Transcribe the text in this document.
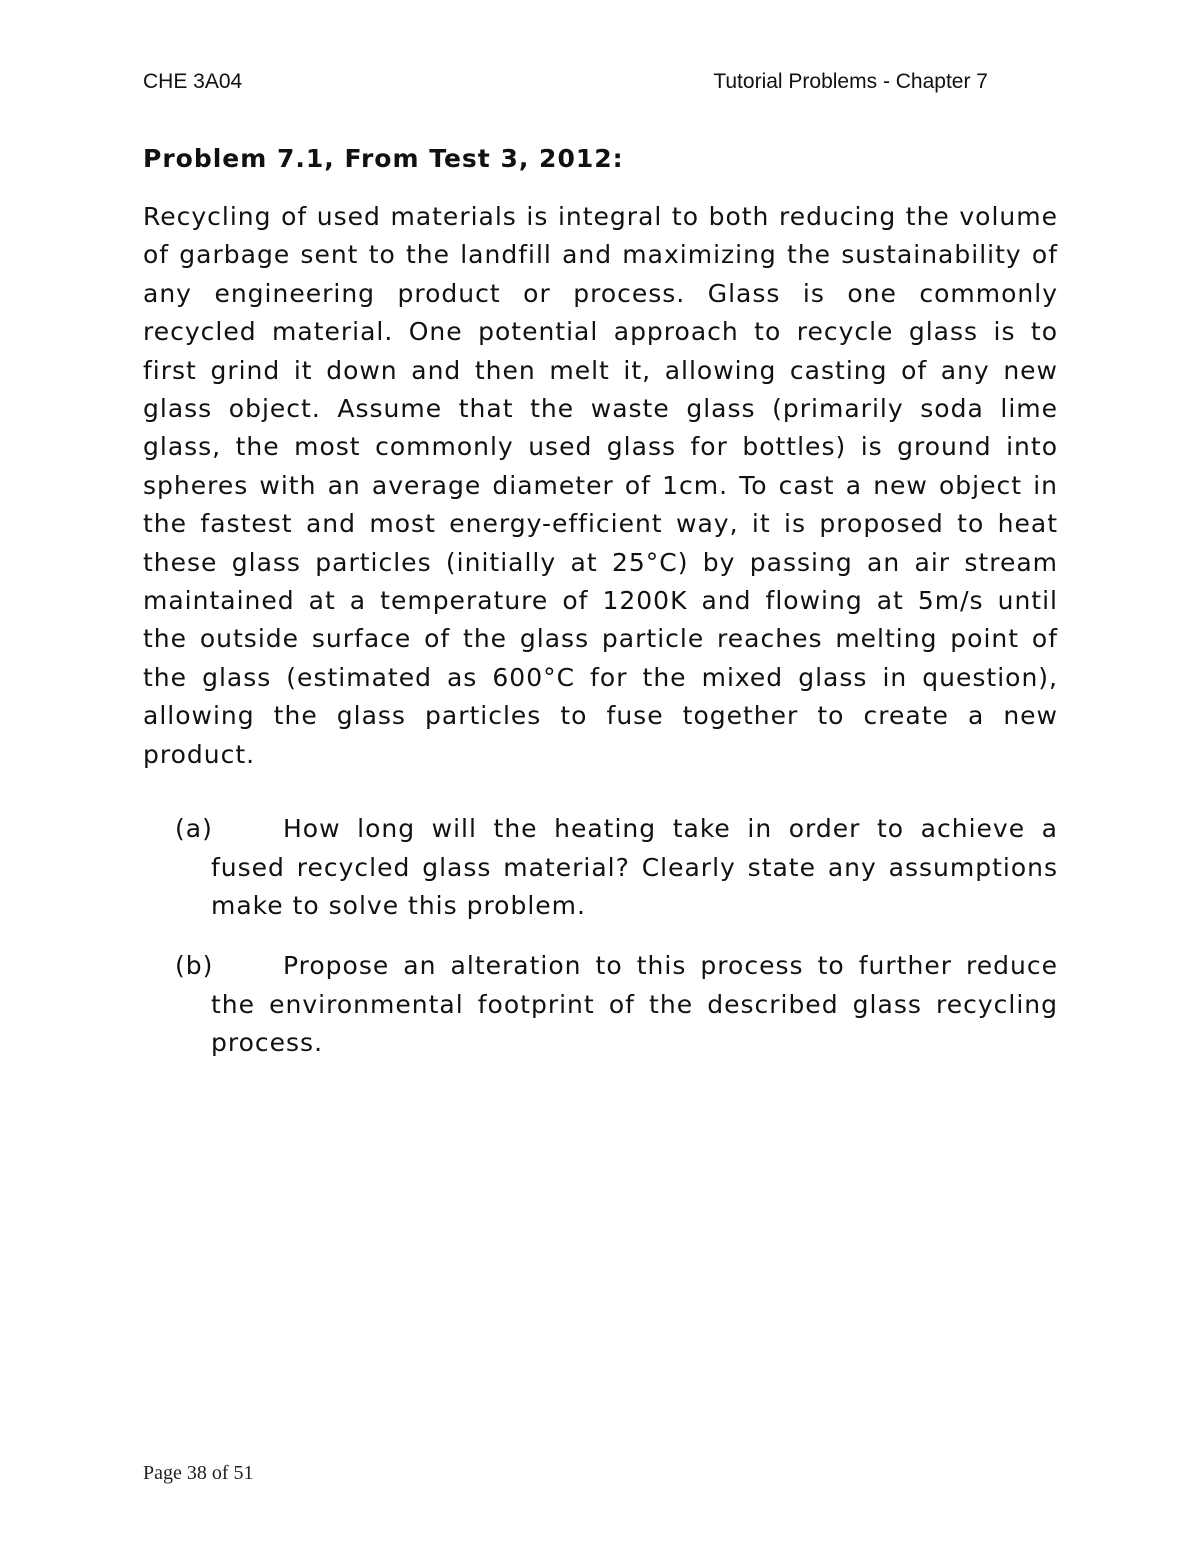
CHE 3A04	Tutorial Problems - Chapter 7

Problem 7.1, From Test 3, 2012:

Recycling of used materials is integral to both reducing the volume of garbage sent to the landfill and maximizing the sustainability of any engineering product or process. Glass is one commonly recycled material. One potential approach to recycle glass is to first grind it down and then melt it, allowing casting of any new glass object. Assume that the waste glass (primarily soda lime glass, the most commonly used glass for bottles) is ground into spheres with an average diameter of 1cm. To cast a new object in the fastest and most energy-efficient way, it is proposed to heat these glass particles (initially at 25°C) by passing an air stream maintained at a temperature of 1200K and flowing at 5m/s until the outside surface of the glass particle reaches melting point of the glass (estimated as 600°C for the mixed glass in question), allowing the glass particles to fuse together to create a new product.

(a)	How long will the heating take in order to achieve a fused recycled glass material? Clearly state any assumptions make to solve this problem.
(b)	Propose an alteration to this process to further reduce the environmental footprint of the described glass recycling process.
Page 38 of 51
